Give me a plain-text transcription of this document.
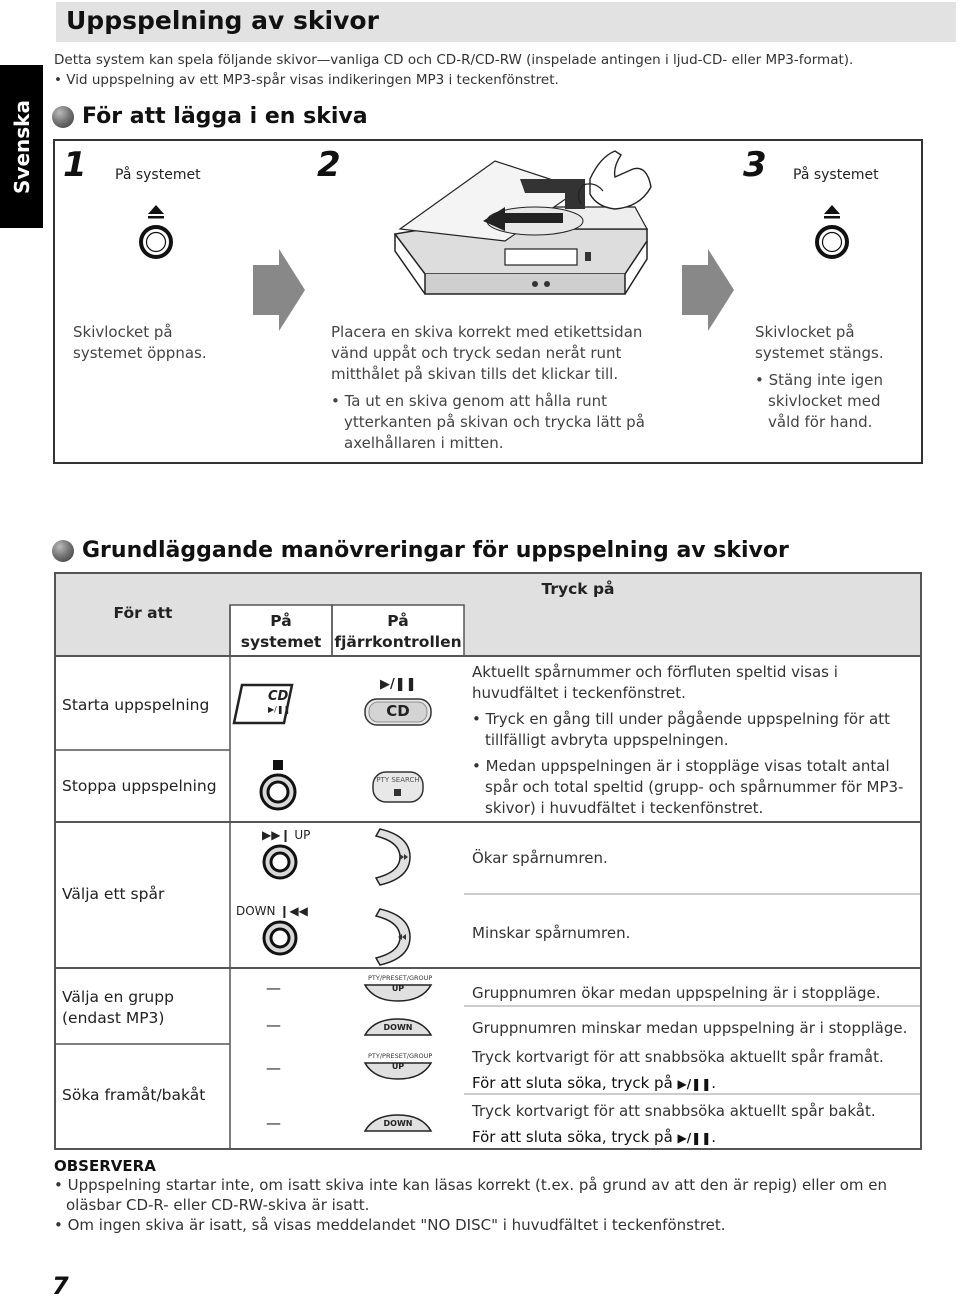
Svenska
Uppspelning av skivor
Detta system kan spela följande skivor—vanliga CD och CD-R/CD-RW (inspelade antingen i ljud-CD- eller MP3-format).
• Vid uppspelning av ett MP3-spår visas indikeringen MP3 i teckenfönstret.
För att lägga i en skiva
1 På systemet
Skivlocket på systemet öppnas.
2
Placera en skiva korrekt med etikettsidan vänd uppåt och tryck sedan neråt runt mitthålet på skivan tills det klickar till.
• Ta ut en skiva genom att hålla runt ytterkanten på skivan och trycka lätt på axelhållaren i mitten.
3 På systemet
Skivlocket på systemet stängs.
• Stäng inte igen skivlocket med våld för hand.
Grundläggande manövreringar för uppspelning av skivor
För att
Tryck på
På systemet
På fjärrkontrollen
Starta uppspelning
Stoppa uppspelning
Välja ett spår
Välja en grupp (endast MP3)
Söka framåt/bakåt
CD
▶/❚❚
▶/❚❚
CD
PTY SEARCH
Aktuellt spårnummer och förfluten speltid visas i huvudfältet i teckenfönstret.
• Tryck en gång till under pågående uppspelning för att tillfälligt avbryta uppspelningen.
• Medan uppspelningen är i stoppläge visas totalt antal spår och total speltid (grupp- och spårnummer för MP3-skivor) i huvudfältet i teckenfönstret.
▶▶❙ UP
DOWN ❙◀◀
Ökar spårnumren.
Minskar spårnumren.
—
—
PTY/PRESET/GROUP
UP
DOWN
Gruppnumren ökar medan uppspelning är i stoppläge.
Gruppnumren minskar medan uppspelning är i stoppläge.
—
—
PTY/PRESET/GROUP
UP
DOWN
Tryck kortvarigt för att snabbsöka aktuellt spår framåt.
För att sluta söka, tryck på ▶/❚❚.
Tryck kortvarigt för att snabbsöka aktuellt spår bakåt.
För att sluta söka, tryck på ▶/❚❚.
OBSERVERA
• Uppspelning startar inte, om isatt skiva inte kan läsas korrekt (t.ex. på grund av att den är repig) eller om en oläsbar CD-R- eller CD-RW-skiva är isatt.
• Om ingen skiva är isatt, så visas meddelandet "NO DISC" i huvudfältet i teckenfönstret.
7
